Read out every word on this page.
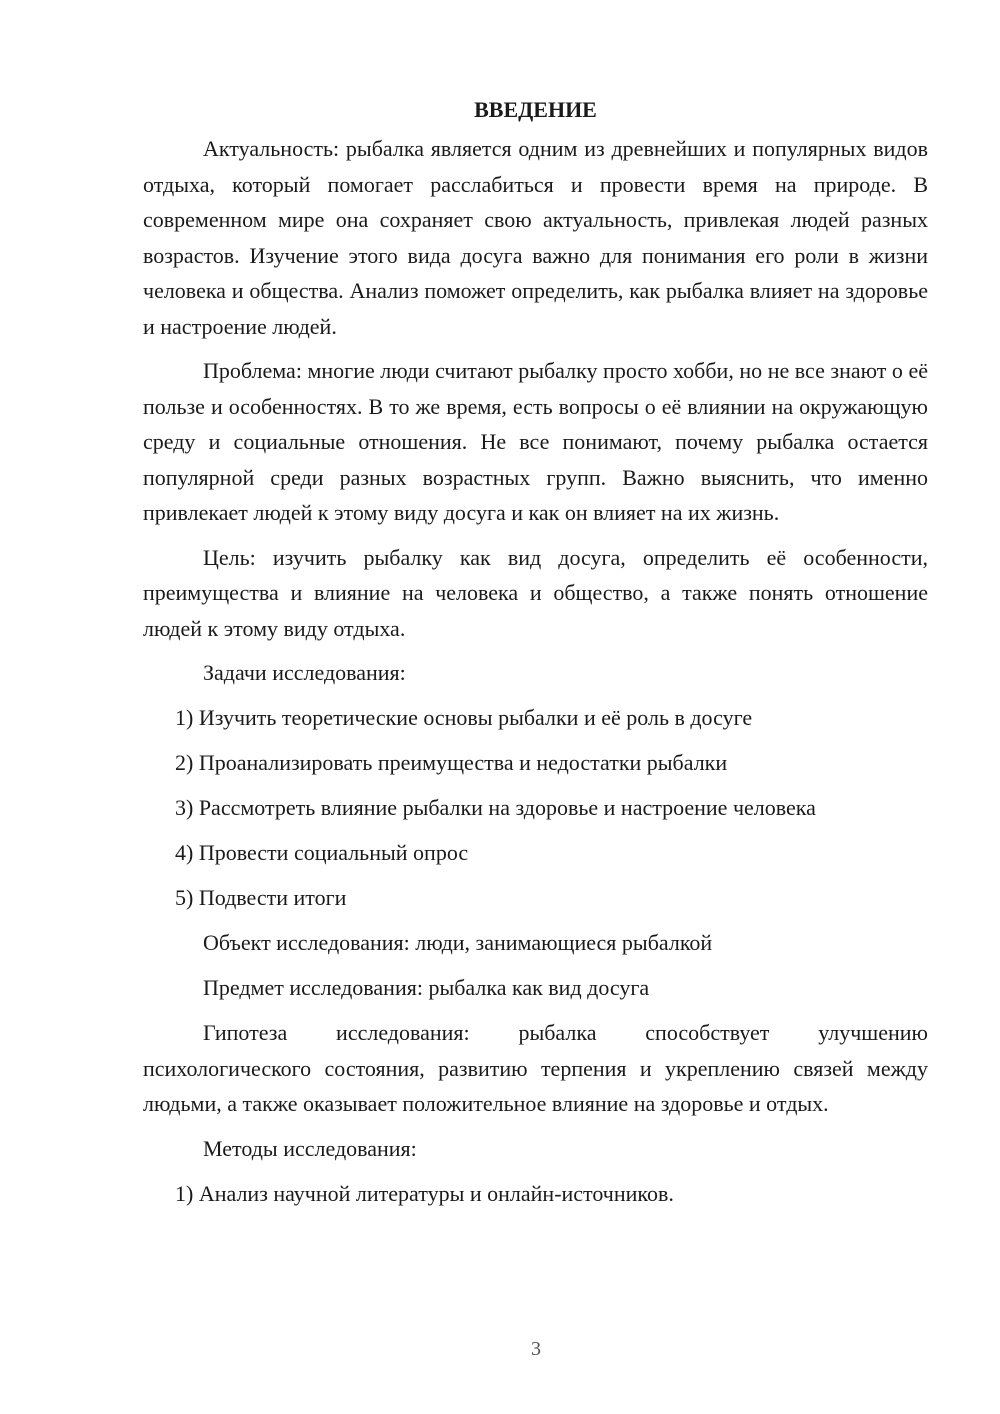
ВВЕДЕНИЕ

Актуальность: рыбалка является одним из древнейших и популярных видов отдыха, который помогает расслабиться и провести время на природе. В современном мире она сохраняет свою актуальность, привлекая людей разных возрастов. Изучение этого вида досуга важно для понимания его роли в жизни человека и общества. Анализ поможет определить, как рыбалка влияет на здоровье и настроение людей.

Проблема: многие люди считают рыбалку просто хобби, но не все знают о её пользе и особенностях. В то же время, есть вопросы о её влиянии на окружающую среду и социальные отношения. Не все понимают, почему рыбалка остается популярной среди разных возрастных групп. Важно выяснить, что именно привлекает людей к этому виду досуга и как он влияет на их жизнь.

Цель: изучить рыбалку как вид досуга, определить её особенности, преимущества и влияние на человека и общество, а также понять отношение людей к этому виду отдыха.

Задачи исследования:
1) Изучить теоретические основы рыбалки и её роль в досуге
2) Проанализировать преимущества и недостатки рыбалки
3) Рассмотреть влияние рыбалки на здоровье и настроение человека
4) Провести социальный опрос
5) Подвести итоги
Объект исследования: люди, занимающиеся рыбалкой
Предмет исследования: рыбалка как вид досуга

Гипотеза исследования: рыбалка способствует улучшению психологического состояния, развитию терпения и укреплению связей между людьми, а также оказывает положительное влияние на здоровье и отдых.

Методы исследования:
1) Анализ научной литературы и онлайн-источников.
3
